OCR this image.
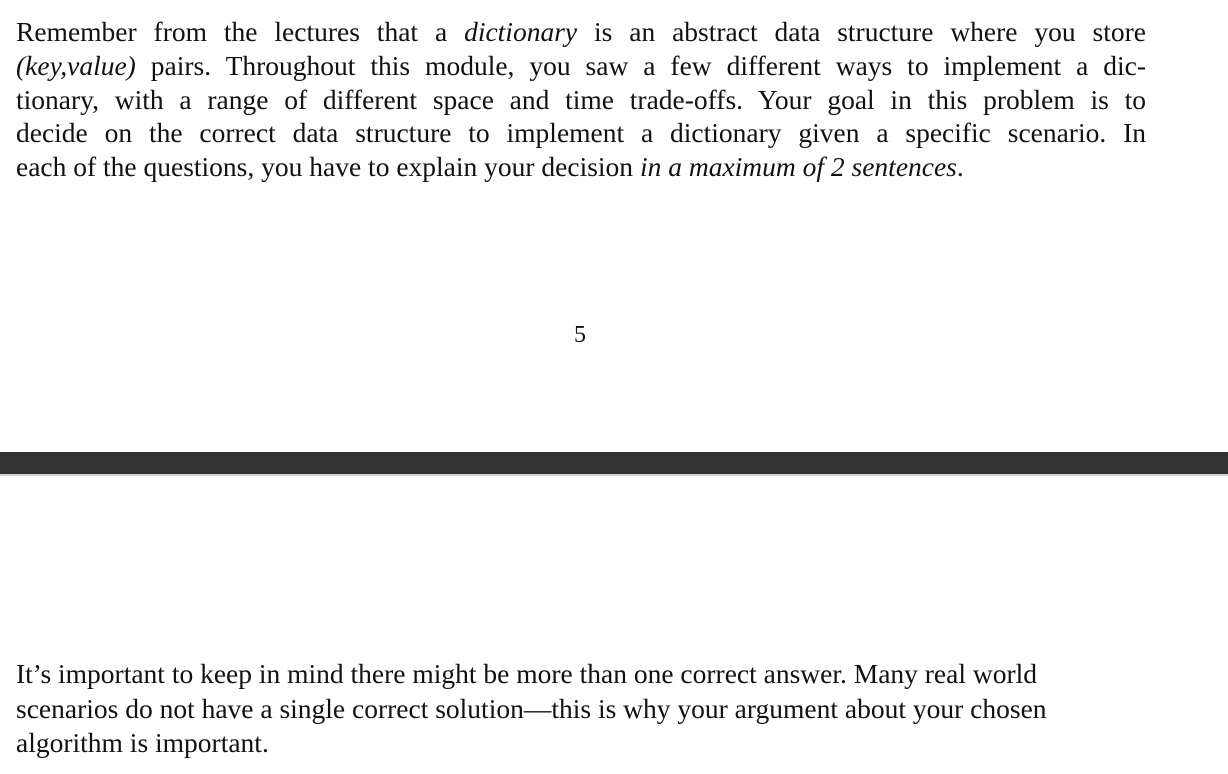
Remember from the lectures that a dictionary is an abstract data structure where you store
(key,value) pairs. Throughout this module, you saw a few different ways to implement a dic-
tionary, with a range of different space and time trade-offs. Your goal in this problem is to
decide on the correct data structure to implement a dictionary given a specific scenario. In
each of the questions, you have to explain your decision in a maximum of 2 sentences.

5

It’s important to keep in mind there might be more than one correct answer. Many real world
scenarios do not have a single correct solution—this is why your argument about your chosen
algorithm is important.
